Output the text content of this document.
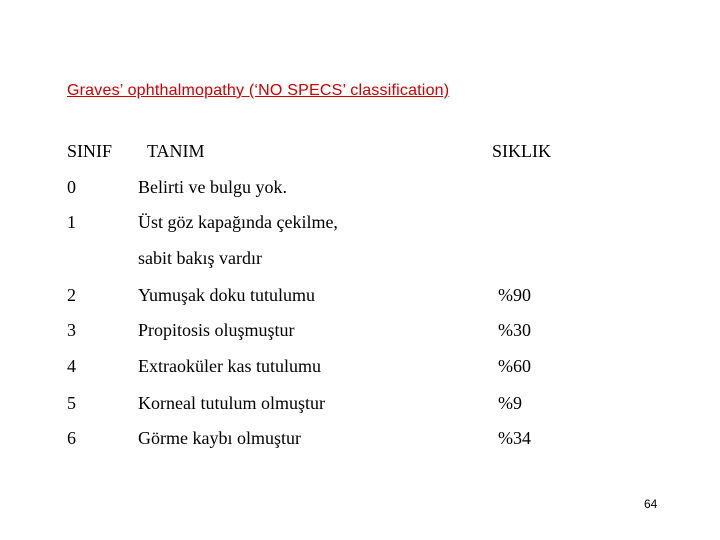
Graves’ ophthalmopathy (‘NO SPECS’ classification)
SINIF TANIM	SIKLIK
0	Belirti ve bulgu yok.
1	Üst göz kapağında çekilme,
sabit bakış vardır
2	Yumuşak doku tutulumu	%90
3	Propitosis oluşmuştur	%30
4	Extraoküler kas tutulumu	%60
5	Korneal tutulum olmuştur	%9
6	Görme kaybı olmuştur	%34
64
